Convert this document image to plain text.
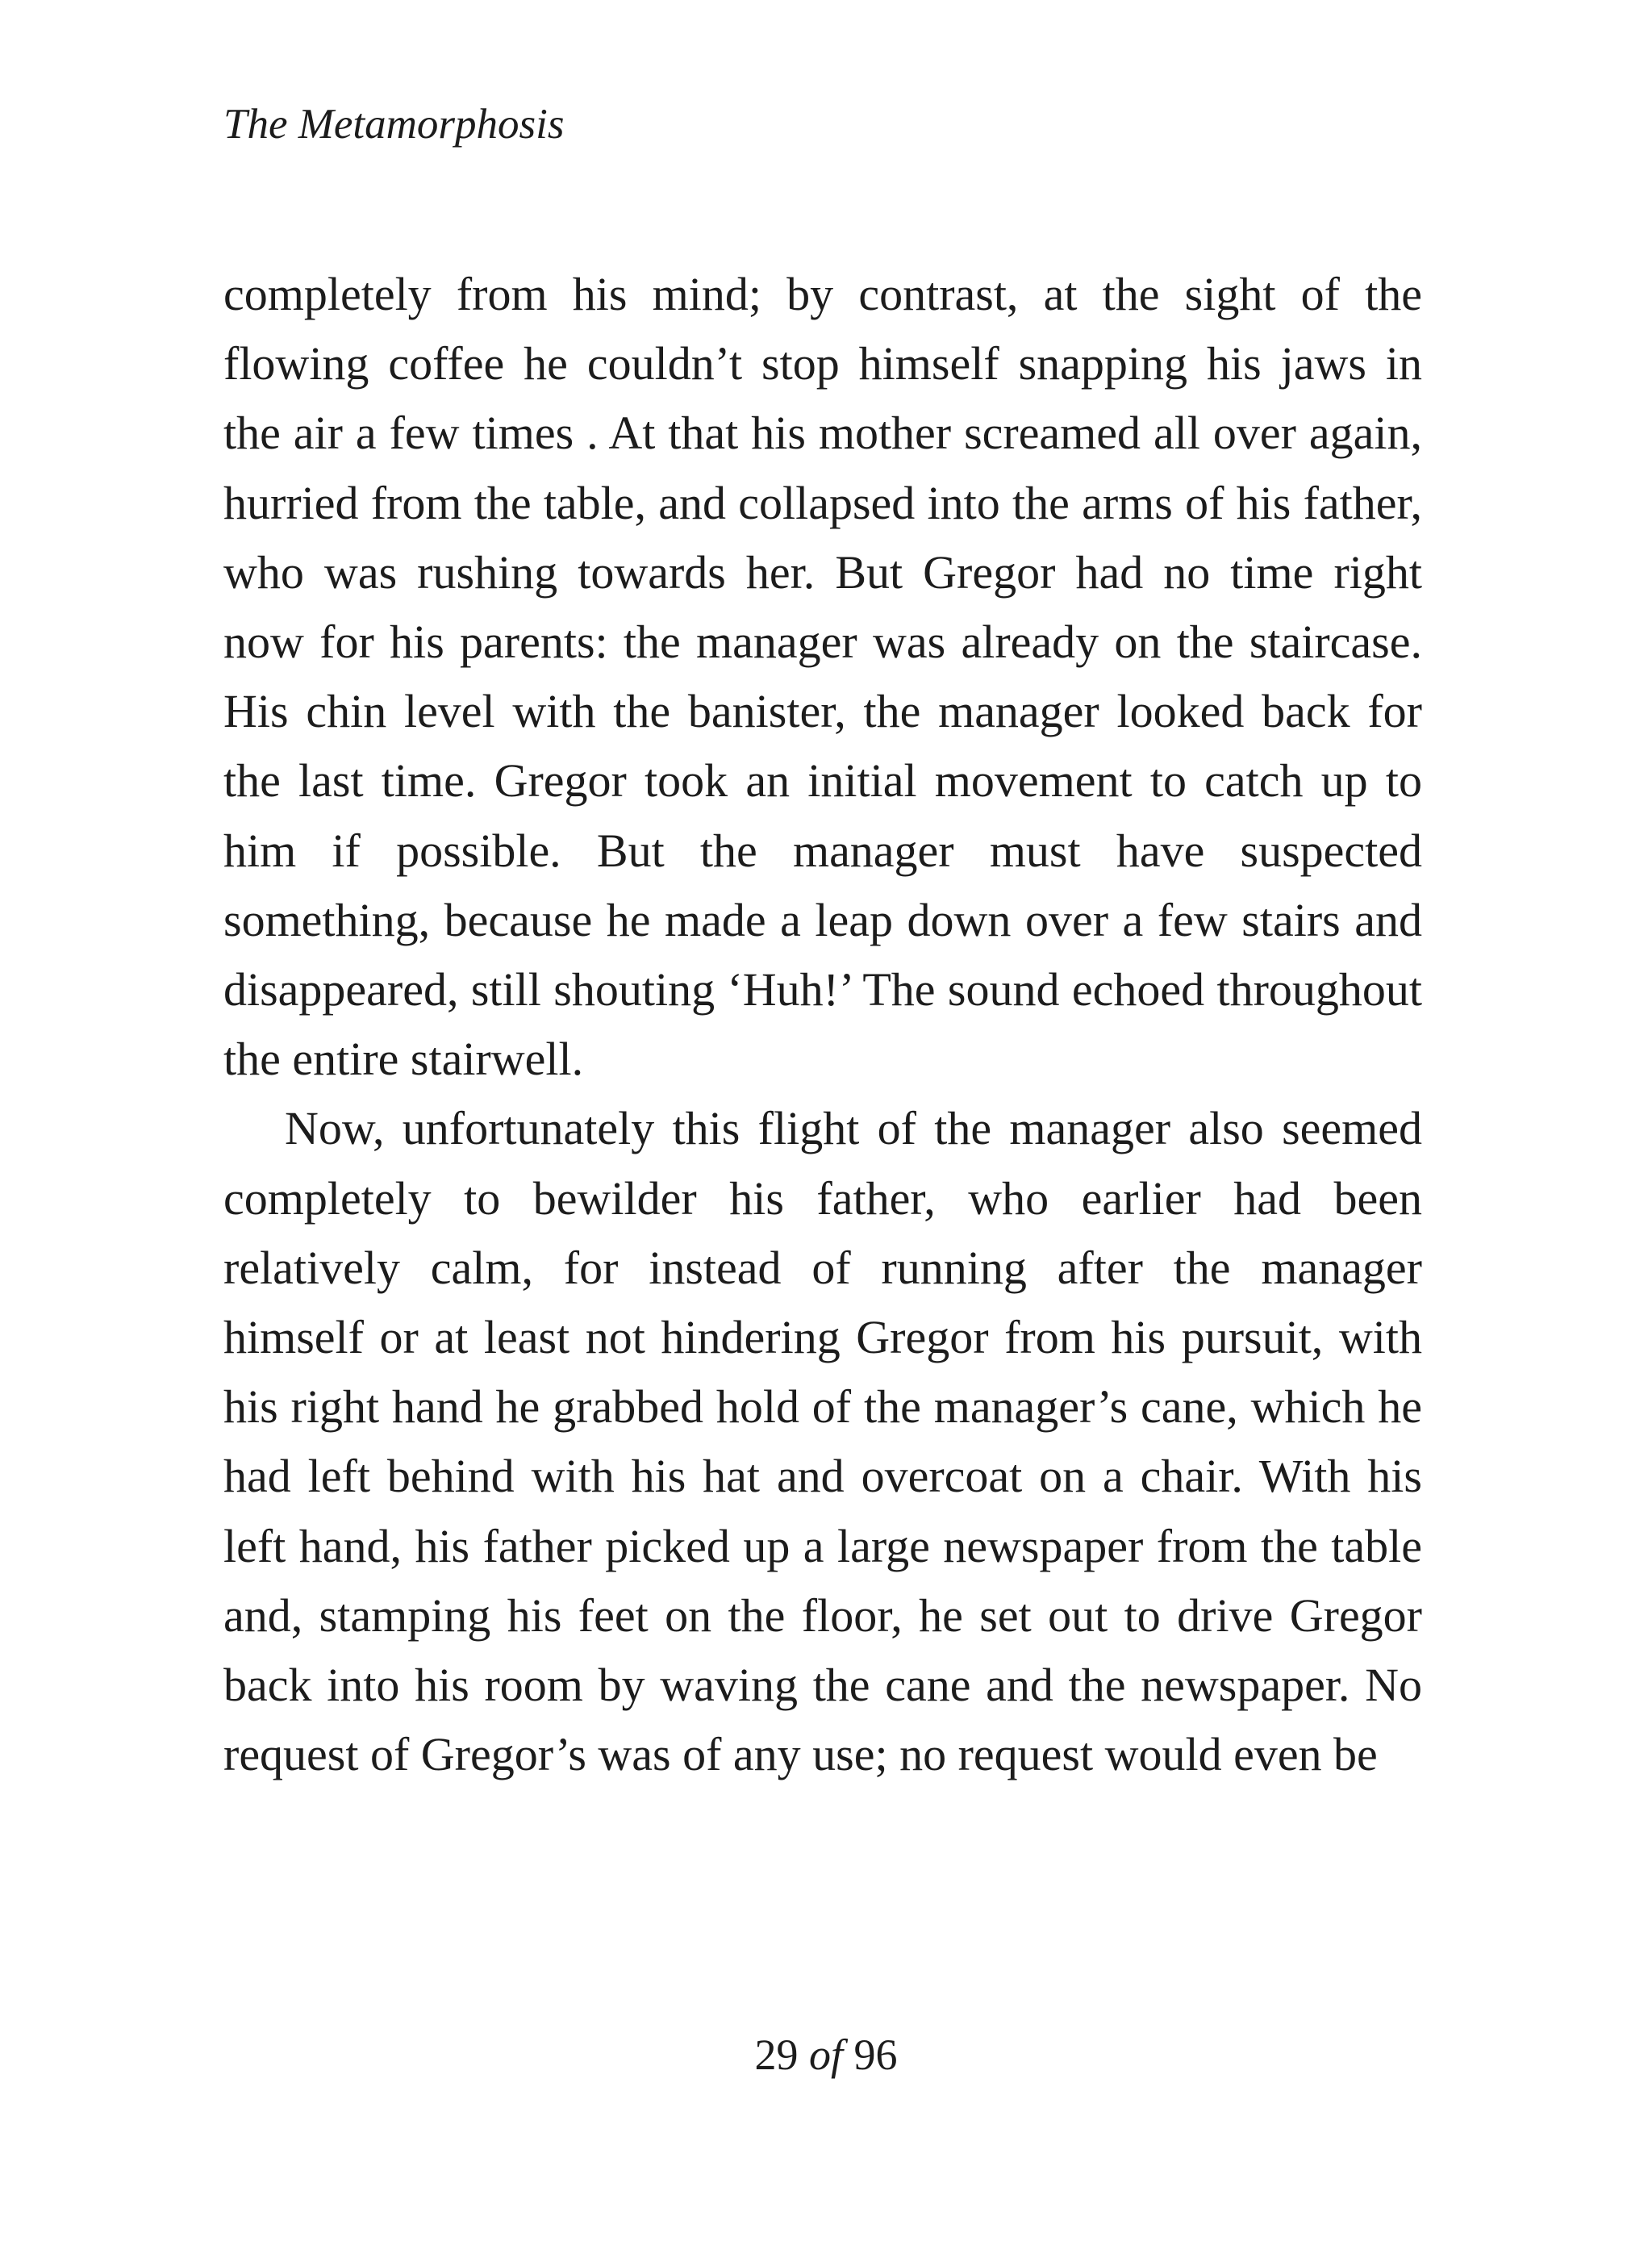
The Metamorphosis

completely from his mind; by contrast, at the sight of the flowing coffee he couldn’t stop himself snapping his jaws in the air a few times . At that his mother screamed all over again, hurried from the table, and collapsed into the arms of his father, who was rushing towards her. But Gregor had no time right now for his parents: the manager was already on the staircase. His chin level with the banister, the manager looked back for the last time. Gregor took an initial movement to catch up to him if possible. But the manager must have suspected something, because he made a leap down over a few stairs and disappeared, still shouting ‘Huh!’ The sound echoed throughout the entire stairwell.

Now, unfortunately this flight of the manager also seemed completely to bewilder his father, who earlier had been relatively calm, for instead of running after the manager himself or at least not hindering Gregor from his pursuit, with his right hand he grabbed hold of the manager’s cane, which he had left behind with his hat and overcoat on a chair. With his left hand, his father picked up a large newspaper from the table and, stamping his feet on the floor, he set out to drive Gregor back into his room by waving the cane and the newspaper. No request of Gregor’s was of any use; no request would even be

29 of 96
